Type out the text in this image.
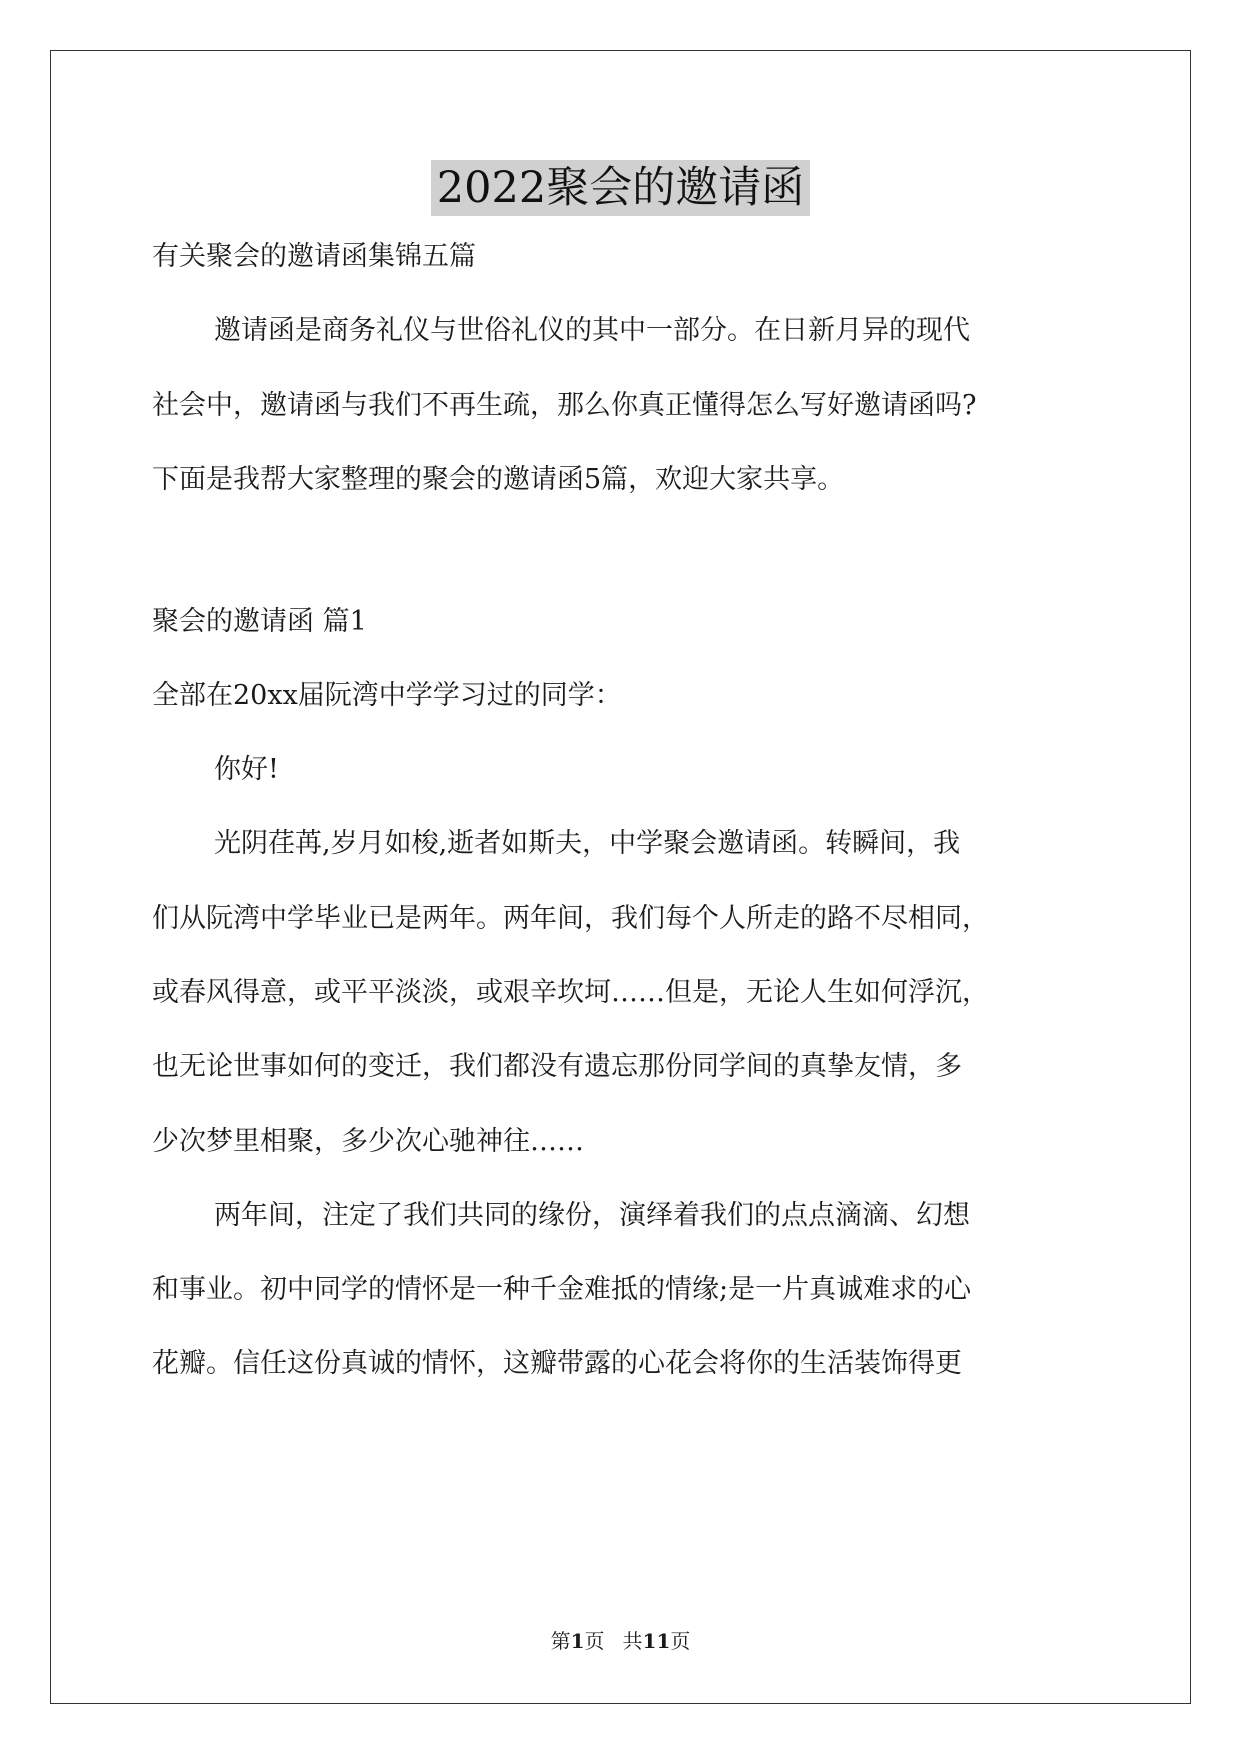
2022聚会的邀请函
有关聚会的邀请函集锦五篇
邀请函是商务礼仪与世俗礼仪的其中一部分。在日新月异的现代
社会中，邀请函与我们不再生疏，那么你真正懂得怎么写好邀请函吗?
下面是我帮大家整理的聚会的邀请函5篇，欢迎大家共享。
聚会的邀请函 篇1
全部在20xx届阮湾中学学习过的同学：
你好!
光阴荏苒,岁月如梭,逝者如斯夫，中学聚会邀请函。转瞬间，我
们从阮湾中学毕业已是两年。两年间，我们每个人所走的路不尽相同，
或春风得意，或平平淡淡，或艰辛坎坷……但是，无论人生如何浮沉，
也无论世事如何的变迁，我们都没有遗忘那份同学间的真挚友情，多
少次梦里相聚，多少次心驰神往……
两年间，注定了我们共同的缘份，演绎着我们的点点滴滴、幻想
和事业。初中同学的情怀是一种千金难抵的情缘;是一片真诚难求的心
花瓣。信任这份真诚的情怀，这瓣带露的心花会将你的生活装饰得更
第1页 共11页
